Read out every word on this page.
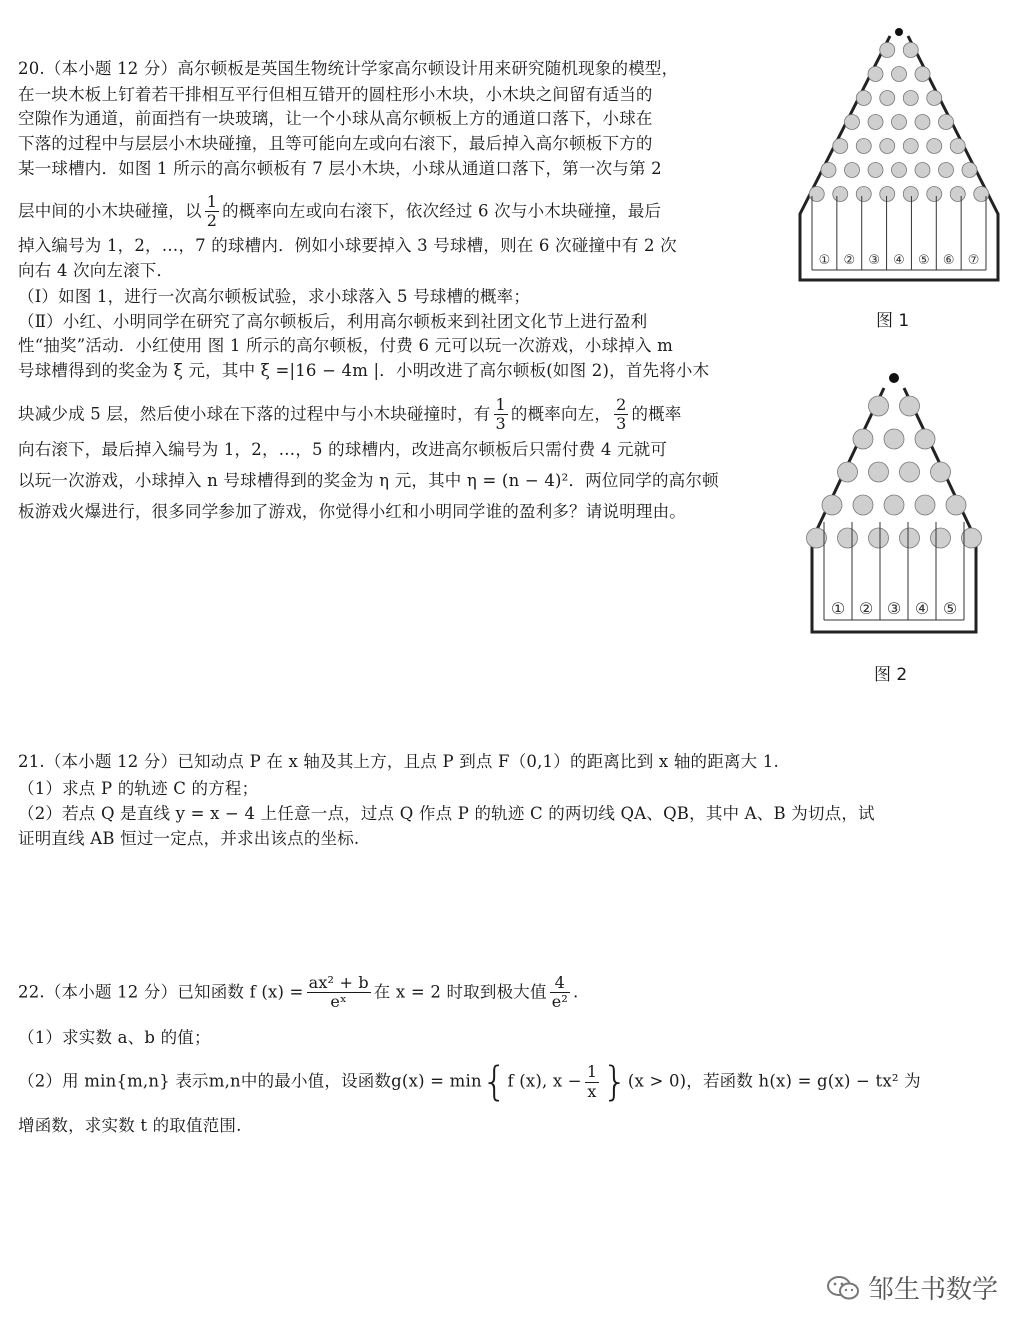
20.（本小题 12 分）高尔顿板是英国生物统计学家高尔顿设计用来研究随机现象的模型，
在一块木板上钉着若干排相互平行但相互错开的圆柱形小木块，小木块之间留有适当的
空隙作为通道，前面挡有一块玻璃，让一个小球从高尔顿板上方的通道口落下，小球在
下落的过程中与层层小木块碰撞，且等可能向左或向右滚下，最后掉入高尔顿板下方的
某一球槽内．如图 1 所示的高尔顿板有 7 层小木块，小球从通道口落下，第一次与第 2
层中间的小木块碰撞，以 $\frac{1}{2}$ 的概率向左或向右滚下，依次经过 6 次与小木块碰撞，最后
掉入编号为 1，2，…，7 的球槽内．例如小球要掉入 3 号球槽，则在 6 次碰撞中有 2 次
向右 4 次向左滚下．
（Ⅰ）如图 1，进行一次高尔顿板试验，求小球落入 5 号球槽的概率；
（Ⅱ）小红、小明同学在研究了高尔顿板后，利用高尔顿板来到社团文化节上进行盈利
性“抽奖”活动．小红使用 图 1 所示的高尔顿板，付费 6 元可以玩一次游戏，小球掉入 m
号球槽得到的奖金为 ξ 元，其中 ξ =|16 − 4m |．小明改进了高尔顿板(如图 2)，首先将小木
块减少成 5 层，然后使小球在下落的过程中与小木块碰撞时，有 $\frac{1}{3}$ 的概率向左， $\frac{2}{3}$ 的概率
向右滚下，最后掉入编号为 1，2，…，5 的球槽内，改进高尔顿板后只需付费 4 元就可
以玩一次游戏，小球掉入 n 号球槽得到的奖金为 η 元，其中 η = (n − 4)²．两位同学的高尔顿
板游戏火爆进行，很多同学参加了游戏，你觉得小红和小明同学谁的盈利多？请说明理由。
① ② ③ ④ ⑤ ⑥ ⑦
图 1
① ② ③ ④ ⑤
图 2
21.（本小题 12 分）已知动点 P 在 x 轴及其上方，且点 P 到点 F（0,1）的距离比到 x 轴的距离大 1.
（1）求点 P 的轨迹 C 的方程；
（2）若点 Q 是直线 y = x − 4 上任意一点，过点 Q 作点 P 的轨迹 C 的两切线 QA、QB，其中 A、B 为切点，试
证明直线 AB 恒过一定点，并求出该点的坐标.
22.（本小题 12 分）已知函数 f $(x) = \frac{\text{ax² + b}}{\text{eˣ}}$ 在 x = 2 时取到极大值 $\frac{4}{\text{e²}}$ .
（1）求实数 a、b 的值；
（2）用 min{m,n} 表示m,n中的最小值，设函数g(x) = min{f (x), $x - \frac{1}{x} \}(x > 0)$，若函数 h(x) = g(x) − tx² 为
增函数，求实数 t 的取值范围.
邹生书数学
